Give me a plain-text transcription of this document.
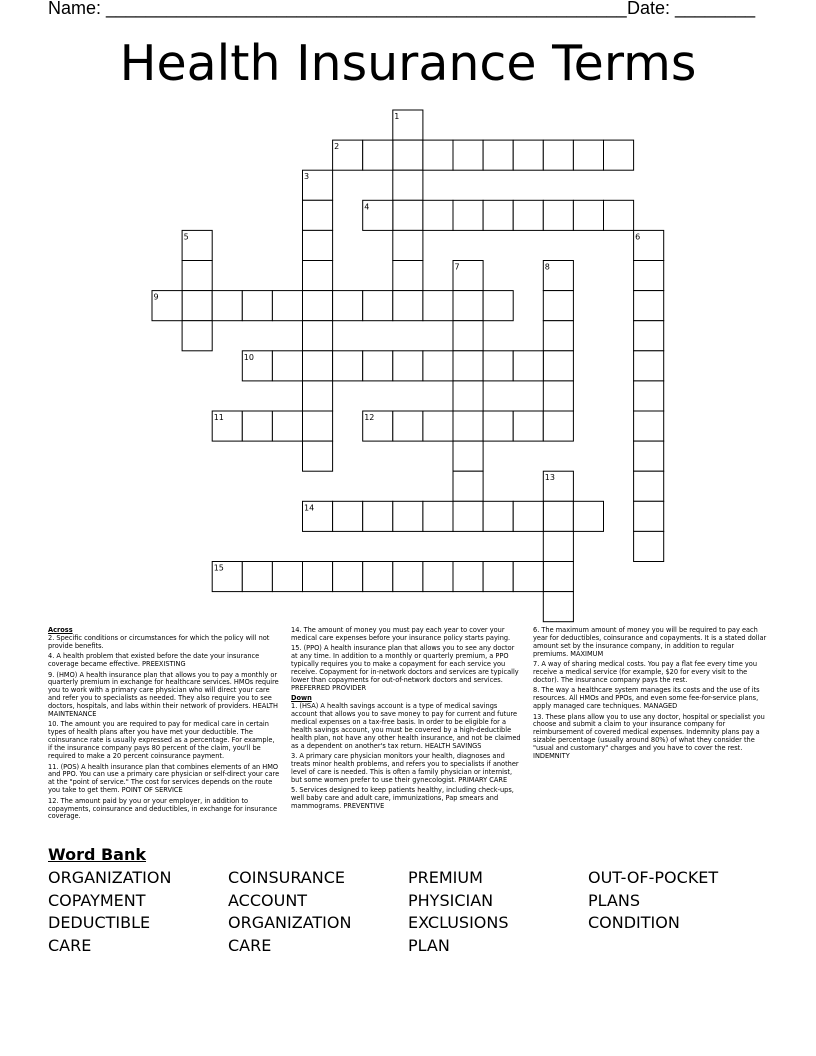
Name: ____________________________________________________ Date: ________
Health Insurance Terms
1
2
3
4
5	6
7	8
9
10
11	12
13
14
15

Across

2. Specific conditions or circumstances for which the policy will not provide benefits.

4. A health problem that existed before the date your insurance coverage became effective. PREEXISTING

9. (HMO) A health insurance plan that allows you to pay a monthly or quarterly premium in exchange for healthcare services. HMOs require you to work with a primary care physician who will direct your care and refer you to specialists as needed. They also require you to see doctors, hospitals, and labs within their network of providers. HEALTH MAINTENANCE

10. The amount you are required to pay for medical care in certain types of health plans after you have met your deductible. The coinsurance rate is usually expressed as a percentage. For example, if the insurance company pays 80 percent of the claim, you'll be required to make a 20 percent coinsurance payment.

11. (POS) A health insurance plan that combines elements of an HMO and PPO. You can use a primary care physician or self-direct your care at the "point of service." The cost for services depends on the route you take to get them. POINT OF SERVICE

12. The amount paid by you or your employer, in addition to copayments, coinsurance and deductibles, in exchange for insurance coverage.

14. The amount of money you must pay each year to cover your medical care expenses before your insurance policy starts paying.

15. (PPO) A health insurance plan that allows you to see any doctor at any time. In addition to a monthly or quarterly premium, a PPO typically requires you to make a copayment for each service you receive. Copayment for in-network doctors and services are typically lower than copayments for out-of-network doctors and services. PREFERRED PROVIDER

Down

1. (HSA) A health savings account is a type of medical savings account that allows you to save money to pay for current and future medical expenses on a tax-free basis. In order to be eligible for a health savings account, you must be covered by a high-deductible health plan, not have any other health insurance, and not be claimed as a dependent on another's tax return. HEALTH SAVINGS

3. A primary care physician monitors your health, diagnoses and treats minor health problems, and refers you to specialists if another level of care is needed. This is often a family physician or internist, but some women prefer to use their gynecologist. PRIMARY CARE

5. Services designed to keep patients healthy, including check-ups, well baby care and adult care, immunizations, Pap smears and mammograms. PREVENTIVE

6. The maximum amount of money you will be required to pay each year for deductibles, coinsurance and copayments. It is a stated dollar amount set by the insurance company, in addition to regular premiums. MAXIMUM

7. A way of sharing medical costs. You pay a flat fee every time you receive a medical service (for example, $20 for every visit to the doctor). The insurance company pays the rest.

8. The way a healthcare system manages its costs and the use of its resources. All HMOs and PPOs, and even some fee-for-service plans, apply managed care techniques. MANAGED

13. These plans allow you to use any doctor, hospital or specialist you choose and submit a claim to your insurance company for reimbursement of covered medical expenses. Indemnity plans pay a sizable percentage (usually around 80%) of what they consider the "usual and customary" charges and you have to cover the rest. INDEMNITY

Word Bank
ORGANIZATION
COPAYMENT
DEDUCTIBLE
CARE
COINSURANCE
ACCOUNT
ORGANIZATION
CARE
PREMIUM
PHYSICIAN
EXCLUSIONS
PLAN
OUT-OF-POCKET
PLANS
CONDITION
